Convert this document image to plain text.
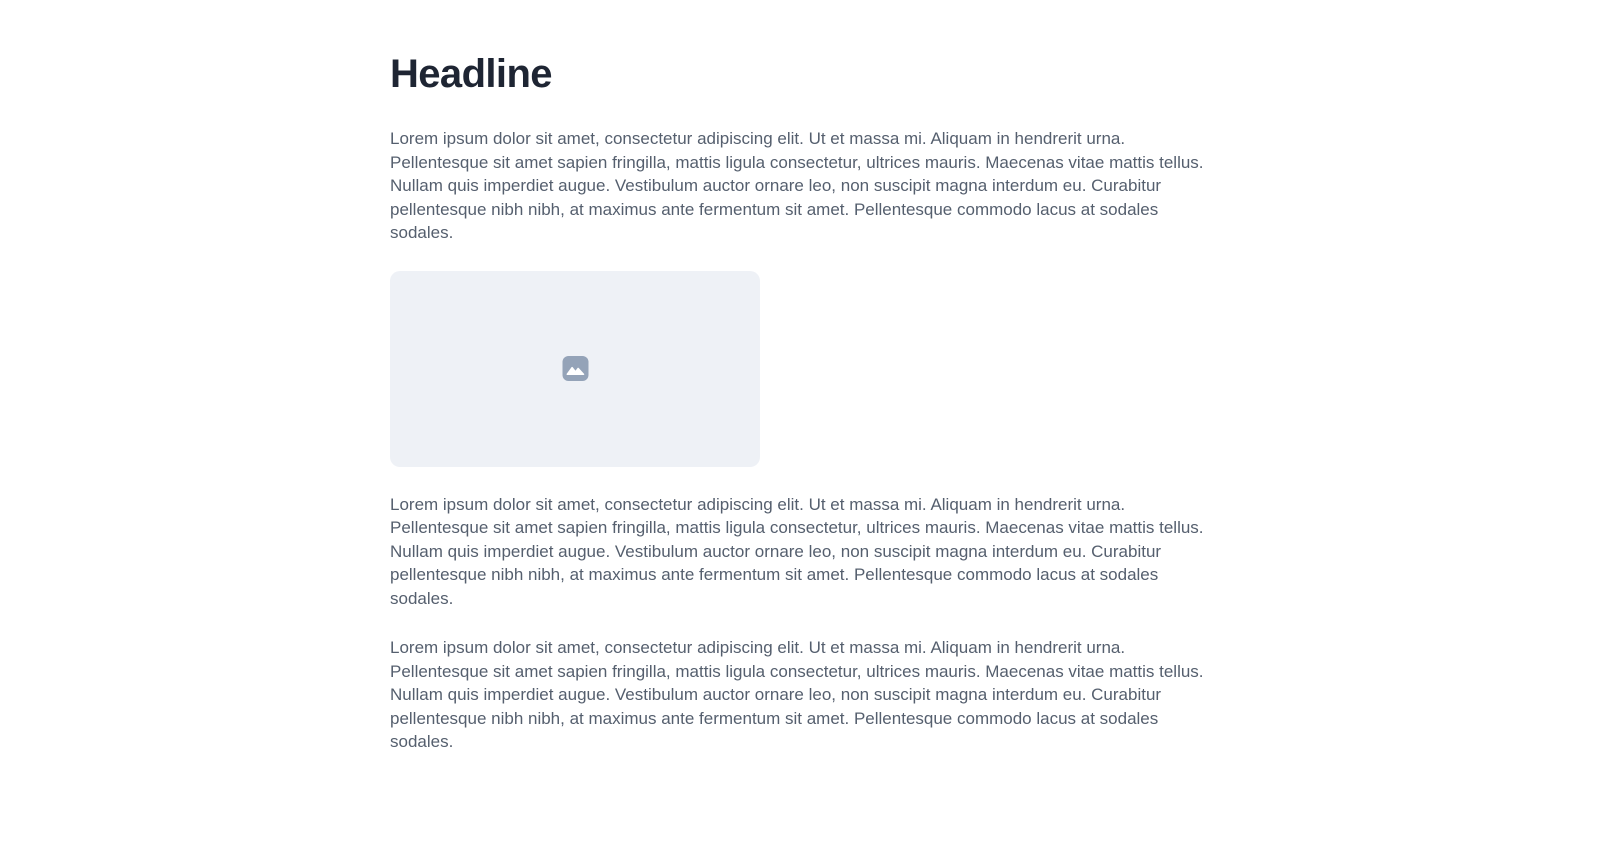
Headline

Lorem ipsum dolor sit amet, consectetur adipiscing elit. Ut et massa mi. Aliquam in hendrerit urna. Pellentesque sit amet sapien fringilla, mattis ligula consectetur, ultrices mauris. Maecenas vitae mattis tellus. Nullam quis imperdiet augue. Vestibulum auctor ornare leo, non suscipit magna interdum eu. Curabitur pellentesque nibh nibh, at maximus ante fermentum sit amet. Pellentesque commodo lacus at sodales sodales.

Lorem ipsum dolor sit amet, consectetur adipiscing elit. Ut et massa mi. Aliquam in hendrerit urna. Pellentesque sit amet sapien fringilla, mattis ligula consectetur, ultrices mauris. Maecenas vitae mattis tellus. Nullam quis imperdiet augue. Vestibulum auctor ornare leo, non suscipit magna interdum eu. Curabitur pellentesque nibh nibh, at maximus ante fermentum sit amet. Pellentesque commodo lacus at sodales sodales.

Lorem ipsum dolor sit amet, consectetur adipiscing elit. Ut et massa mi. Aliquam in hendrerit urna. Pellentesque sit amet sapien fringilla, mattis ligula consectetur, ultrices mauris. Maecenas vitae mattis tellus. Nullam quis imperdiet augue. Vestibulum auctor ornare leo, non suscipit magna interdum eu. Curabitur pellentesque nibh nibh, at maximus ante fermentum sit amet. Pellentesque commodo lacus at sodales sodales.
